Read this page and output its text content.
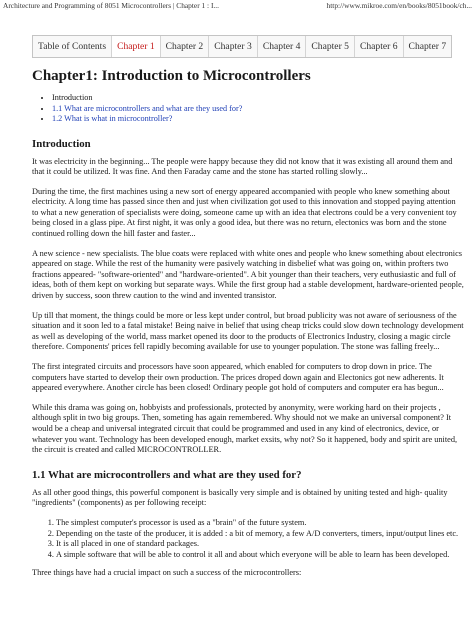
Architecture and Programming of 8051 Microcontrollers | Chapter 1 : I...	http://www.mikroe.com/en/books/8051book/ch...
Table of Contents	Chapter 1	Chapter 2	Chapter 3	Chapter 4	Chapter 5	Chapter 6	Chapter 7
Chapter1: Introduction to Microcontrollers
• Introduction
• 1.1 What are microcontrollers and what are they used for?
• 1.2 What is what in microcontroller?
Introduction

It was electricity in the beginning... The people were happy because they did not know that it was existing all around them and that it could be utilized. It was fine. And then Faraday came and the stone has started rolling slowly...

During the time, the first machines using a new sort of energy appeared accompanied with people who knew something about electricity. A long time has passed since then and just when civilization got used to this innovation and stopped paying attention to what a new generation of specialists were doing, someone came up with an idea that electrons could be a very convenient toy being closed in a glass pipe. At first night, it was only a good idea, but there was no return, electonics was born and the stone continued rolling down the hill faster and faster...

A new science - new specialists. The blue coats were replaced with white ones and people who knew something about electronics appeared on stage. While the rest of the humanity were pasively watching in disbelief what was going on, within profters two fractions appeared- "software-oriented" and "hardware-oriented". A bit younger than their teachers, very euthusiastic and full of ideas, both of them kept on working but separate ways. While the first group had a stable development, hardware-oriented people, driven by success, soon threw caution to the wind and invented transistor.

Up till that moment, the things could be more or less kept under control, but broad publicity was not aware of seriousness of the situation and it soon led to a fatal mistake! Being naive in belief that using cheap tricks could slow down technology development as well as developing of the world, mass market opened its door to the products of Electronics Industry, closing a magic circle therefore. Components' prices fell rapidly becoming available for use to younger population. The stone was falling freely...

The first integrated circuits and processors have soon appeared, which enabled for computers to drop down in price. The computers have started to develop their own production. The prices droped down again and Electonics got new adherents. It appeared everywhere. Another circle has been closed! Ordinary people got hold of computers and computer era has begun...

While this drama was going on, hobbyists and professionals, protected by anonymity, were working hard on their projects , although split in two big groups. Then, someting has again remembered. Why should not we make an universal component? It would be a cheap and universal integrated circuit that could be programmed and used in any kind of electronics, device, or whatever you want. Technology has been developed enough, market exsits, why not? So it happened, body and spirit are united, the circuit is created and called MICROCONTROLLER.

1.1 What are microcontrollers and what are they used for?

As all other good things, this powerful component is basically very simple and is obtained by uniting tested and high- quality "ingredients" (components) as per following receipt:

1. The simplest computer's processor is used as a "brain" of the future system.
2. Depending on the taste of the producer, it is added : a bit of memory, a few A/D converters, timers, input/output lines etc.
3. It is all placed in one of standard packages.
4. A simple software that will be able to control it all and about which everyone will be able to learn has been developed.

Three things have had a crucial impact on such a success of the microcontrollers:
